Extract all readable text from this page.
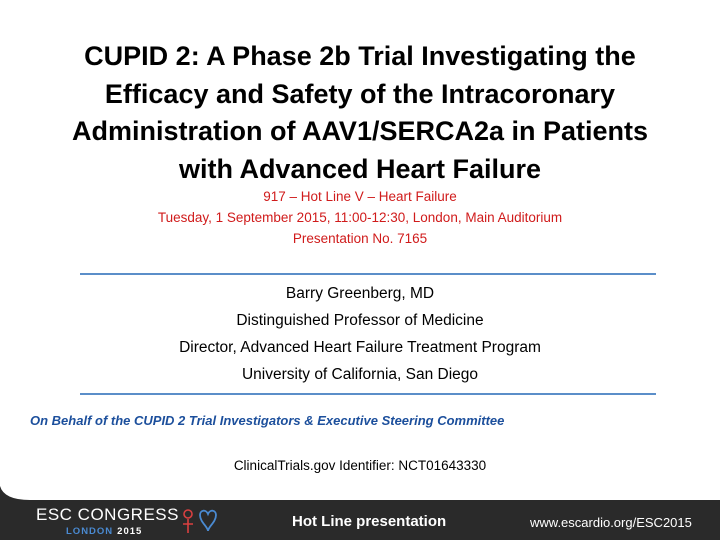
CUPID 2: A Phase 2b Trial Investigating the
Efficacy and Safety of the Intracoronary
Administration of AAV1/SERCA2a in Patients
with Advanced Heart Failure
917 – Hot Line V – Heart Failure
Tuesday, 1 September 2015, 11:00-12:30, London, Main Auditorium
Presentation No. 7165
Barry Greenberg, MD
Distinguished Professor of Medicine
Director, Advanced Heart Failure Treatment Program
University of California, San Diego
On Behalf of the CUPID 2 Trial Investigators & Executive Steering Committee
ClinicalTrials.gov Identifier: NCT01643330
ESC CONGRESS
LONDON 2015
Hot Line presentation	www.escardio.org/ESC2015
